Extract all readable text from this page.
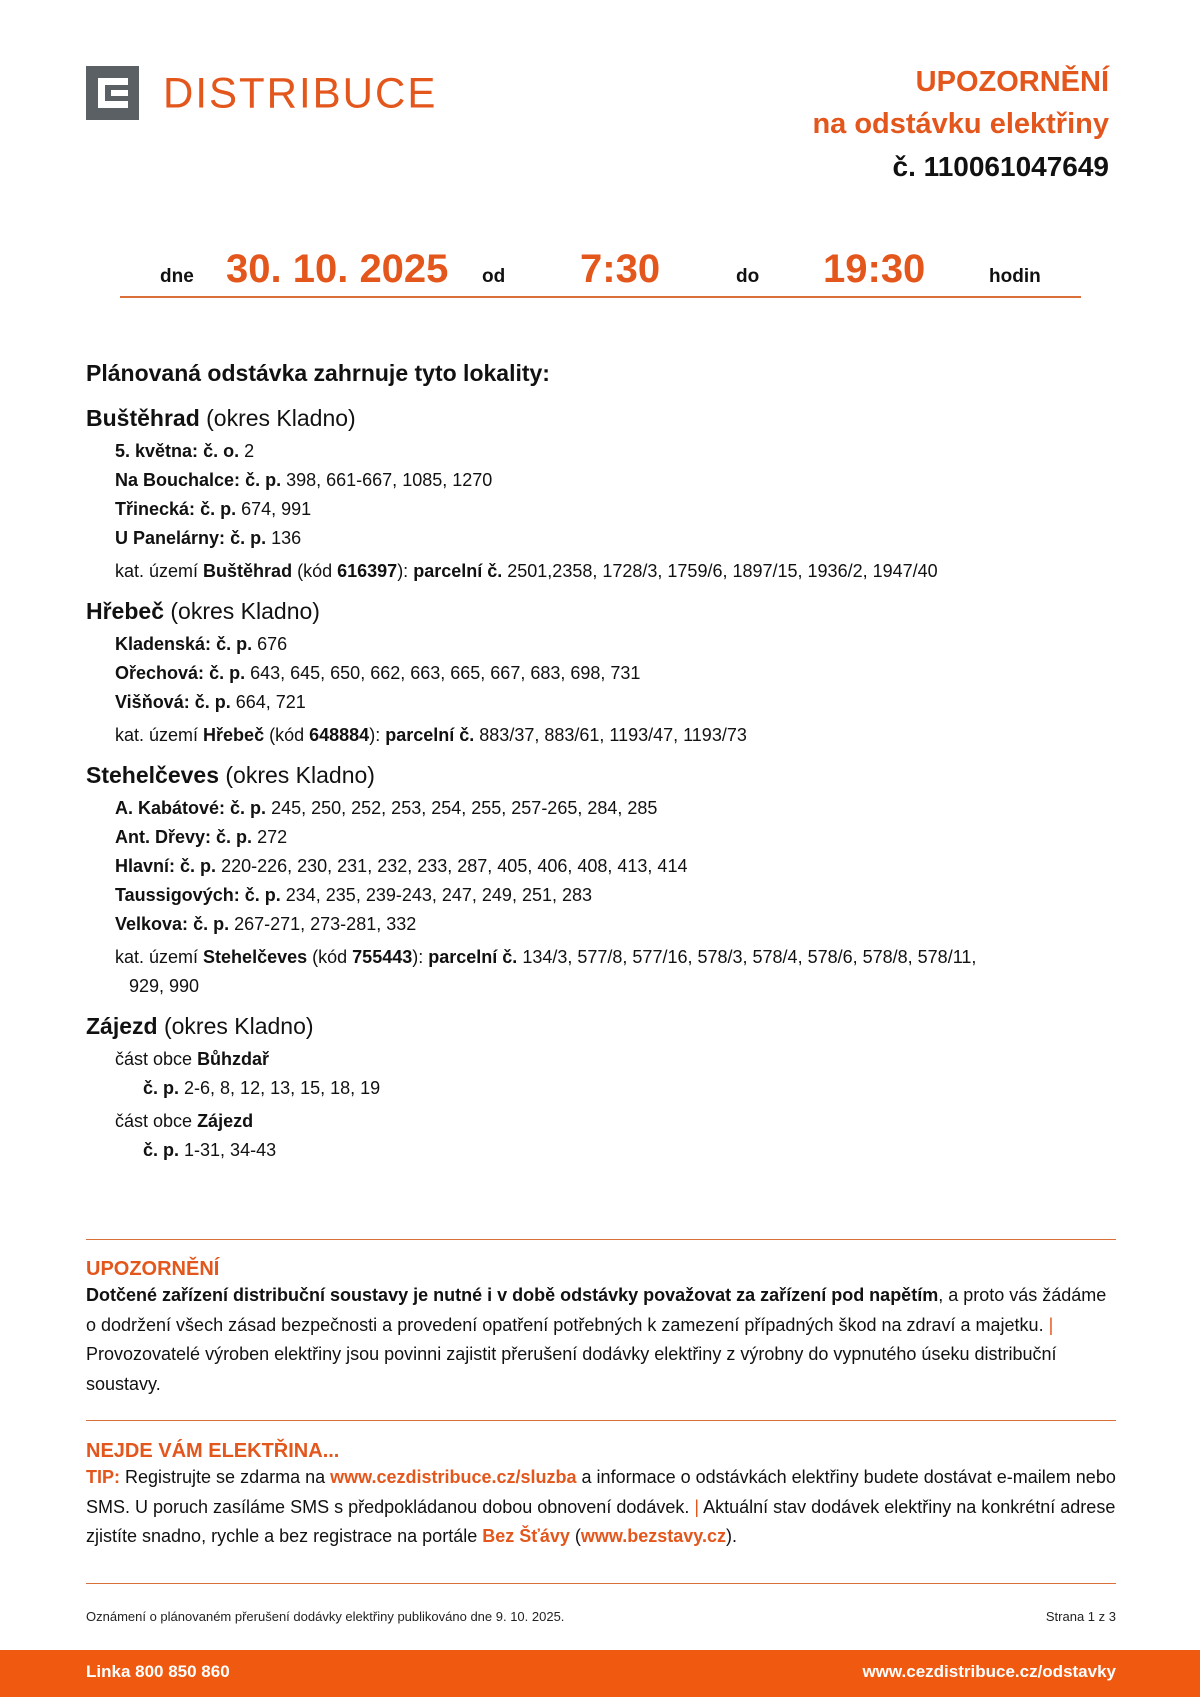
DISTRIBUCE	UPOZORNĚNÍ
na odstávku elektřiny
č. 110061047649
dne 30. 10. 2025 od 7:30	do 19:30	hodin
Plánovaná odstávka zahrnuje tyto lokality:
Buštěhrad (okres Kladno)
5. května: č. o. 2
Na Bouchalce: č. p. 398, 661-667, 1085, 1270
Třinecká: č. p. 674, 991
U Panelárny: č. p. 136
kat. území Buštěhrad (kód 616397): parcelní č. 2501,2358, 1728/3, 1759/6, 1897/15, 1936/2, 1947/40
Hřebeč (okres Kladno)
Kladenská: č. p. 676
Ořechová: č. p. 643, 645, 650, 662, 663, 665, 667, 683, 698, 731
Višňová: č. p. 664, 721
kat. území Hřebeč (kód 648884): parcelní č. 883/37, 883/61, 1193/47, 1193/73
Stehelčeves (okres Kladno)
A. Kabátové: č. p. 245, 250, 252, 253, 254, 255, 257-265, 284, 285
Ant. Dřevy: č. p. 272
Hlavní: č. p. 220-226, 230, 231, 232, 233, 287, 405, 406, 408, 413, 414
Taussigových: č. p. 234, 235, 239-243, 247, 249, 251, 283
Velkova: č. p. 267-271, 273-281, 332
kat. území Stehelčeves (kód 755443): parcelní č. 134/3, 577/8, 577/16, 578/3, 578/4, 578/6, 578/8, 578/11,
929, 990
Zájezd (okres Kladno)
část obce Bůhzdař
č. p. 2-6, 8, 12, 13, 15, 18, 19
část obce Zájezd
č. p. 1-31, 34-43
UPOZORNĚNÍ
Dotčené zařízení distribuční soustavy je nutné i v době odstávky považovat za zařízení pod napětím, a proto vás žádáme o dodržení všech zásad bezpečnosti a provedení opatření potřebných k zamezení případných škod na zdraví a majetku. | Provozovatelé výroben elektřiny jsou povinni zajistit přerušení dodávky elektřiny z výrobny do vypnutého úseku distribuční soustavy.
NEJDE VÁM ELEKTŘINA...
TIP: Registrujte se zdarma na www.cezdistribuce.cz/sluzba a informace o odstávkách elektřiny budete dostávat e-mailem nebo SMS. U poruch zasíláme SMS s předpokládanou dobou obnovení dodávek. | Aktuální stav dodávek elektřiny na konkrétní adrese zjistíte snadno, rychle a bez registrace na portále Bez Šťávy (www.bezstavy.cz).
Oznámení o plánovaném přerušení dodávky elektřiny publikováno dne 9. 10. 2025.	Strana 1 z 3
Linka 800 850 860	www.cezdistribuce.cz/odstavky
